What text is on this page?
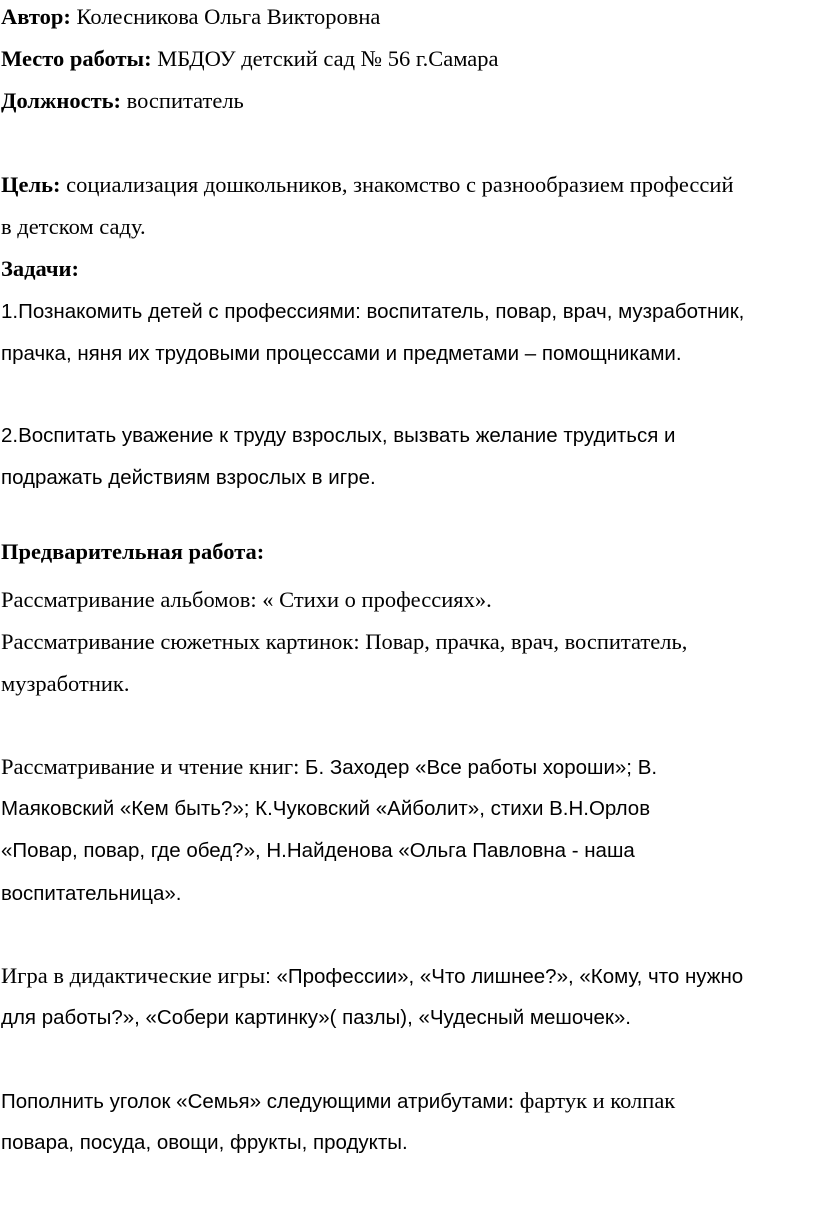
Автор: Колесникова Ольга Викторовна
Место работы: МБДОУ детский сад № 56 г.Самара
Должность: воспитатель
Цель: социализация дошкольников, знакомство с разнообразием профессий
в детском саду.
Задачи:
1.Познакомить детей с профессиями: воспитатель, повар, врач, музработник,
прачка, няня их трудовыми процессами и предметами – помощниками.
2.Воспитать уважение к труду взрослых, вызвать желание трудиться и
подражать действиям взрослых в игре.
Предварительная работа:
Рассматривание альбомов: « Стихи о профессиях».
Рассматривание сюжетных картинок: Повар, прачка, врач, воспитатель,
музработник.
Рассматривание и чтение книг: Б. Заходер «Все работы хороши»; В.
Маяковский «Кем быть?»; К.Чуковский «Айболит», стихи В.Н.Орлов
«Повар, повар, где обед?», Н.Найденова «Ольга Павловна - наша
воспитательница».
Игра в дидактические игры: «Профессии», «Что лишнее?», «Кому, что нужно
для работы?», «Собери картинку»( пазлы), «Чудесный мешочек».
Пополнить уголок «Семья» следующими атрибутами: фартук и колпак
повара, посуда, овощи, фрукты, продукты.
